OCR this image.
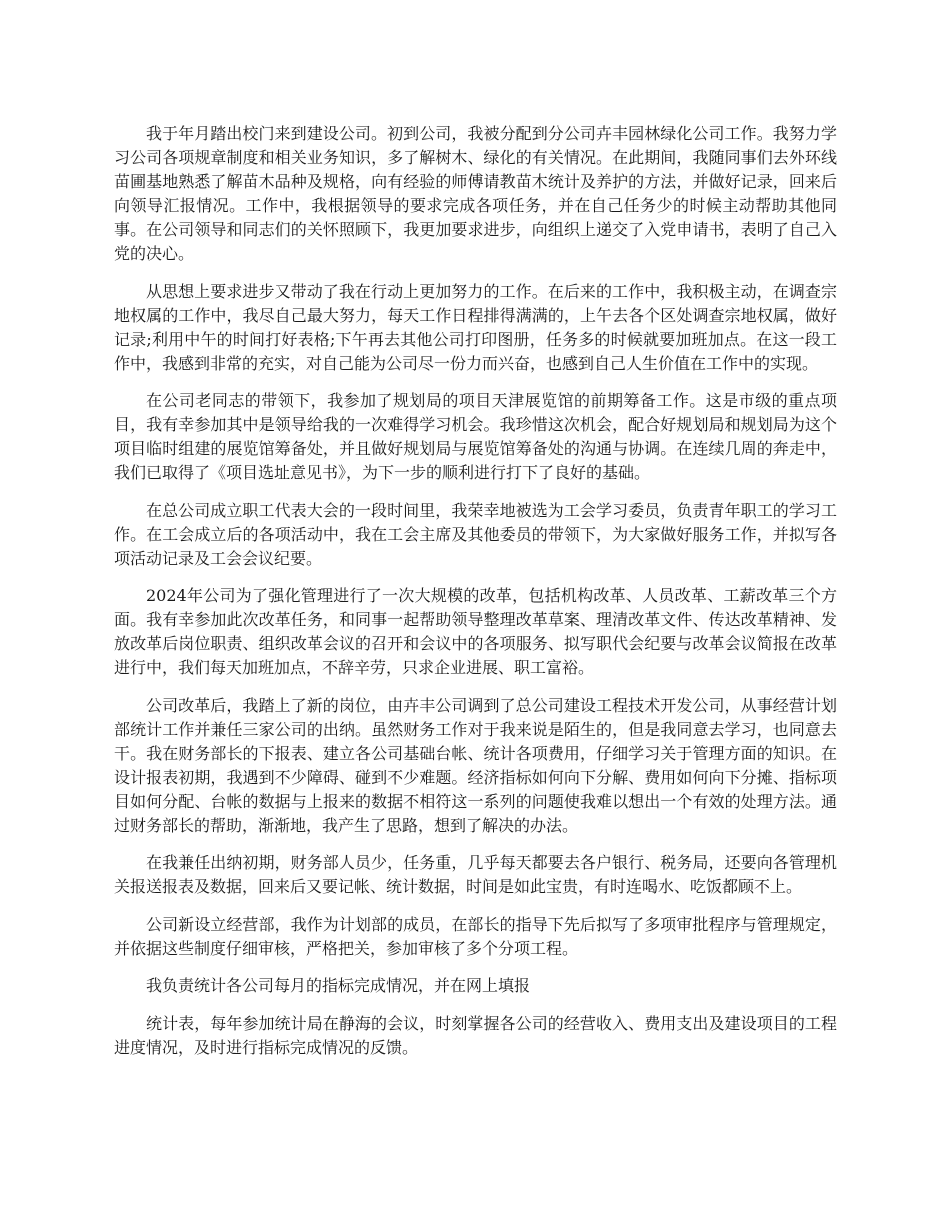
我于年月踏出校门来到建设公司。初到公司，我被分配到分公司卉丰园林绿化公司工作。我努力学习公司各项规章制度和相关业务知识，多了解树木、绿化的有关情况。在此期间，我随同事们去外环线苗圃基地熟悉了解苗木品种及规格，向有经验的师傅请教苗木统计及养护的方法，并做好记录，回来后向领导汇报情况。工作中，我根据领导的要求完成各项任务，并在自己任务少的时候主动帮助其他同事。在公司领导和同志们的关怀照顾下，我更加要求进步，向组织上递交了入党申请书，表明了自己入党的决心。

从思想上要求进步又带动了我在行动上更加努力的工作。在后来的工作中，我积极主动，在调查宗地权属的工作中，我尽自己最大努力，每天工作日程排得满满的，上午去各个区处调查宗地权属，做好记录;利用中午的时间打好表格;下午再去其他公司打印图册，任务多的时候就要加班加点。在这一段工作中，我感到非常的充实，对自己能为公司尽一份力而兴奋，也感到自己人生价值在工作中的实现。

在公司老同志的带领下，我参加了规划局的项目天津展览馆的前期筹备工作。这是市级的重点项目，我有幸参加其中是领导给我的一次难得学习机会。我珍惜这次机会，配合好规划局和规划局为这个项目临时组建的展览馆筹备处，并且做好规划局与展览馆筹备处的沟通与协调。在连续几周的奔走中，我们已取得了《项目选址意见书》，为下一步的顺利进行打下了良好的基础。

在总公司成立职工代表大会的一段时间里，我荣幸地被选为工会学习委员，负责青年职工的学习工作。在工会成立后的各项活动中，我在工会主席及其他委员的带领下，为大家做好服务工作，并拟写各项活动记录及工会会议纪要。

2024年公司为了强化管理进行了一次大规模的改革，包括机构改革、人员改革、工薪改革三个方面。我有幸参加此次改革任务，和同事一起帮助领导整理改革草案、理清改革文件、传达改革精神、发放改革后岗位职责、组织改革会议的召开和会议中的各项服务、拟写职代会纪要与改革会议简报在改革进行中，我们每天加班加点，不辞辛劳，只求企业进展、职工富裕。

公司改革后，我踏上了新的岗位，由卉丰公司调到了总公司建设工程技术开发公司，从事经营计划部统计工作并兼任三家公司的出纳。虽然财务工作对于我来说是陌生的，但是我同意去学习，也同意去干。我在财务部长的下报表、建立各公司基础台帐、统计各项费用，仔细学习关于管理方面的知识。在设计报表初期，我遇到不少障碍、碰到不少难题。经济指标如何向下分解、费用如何向下分摊、指标项目如何分配、台帐的数据与上报来的数据不相符这一系列的问题使我难以想出一个有效的处理方法。通过财务部长的帮助，渐渐地，我产生了思路，想到了解决的办法。

在我兼任出纳初期，财务部人员少，任务重，几乎每天都要去各户银行、税务局，还要向各管理机关报送报表及数据，回来后又要记帐、统计数据，时间是如此宝贵，有时连喝水、吃饭都顾不上。

公司新设立经营部，我作为计划部的成员，在部长的指导下先后拟写了多项审批程序与管理规定，并依据这些制度仔细审核，严格把关，参加审核了多个分项工程。

我负责统计各公司每月的指标完成情况，并在网上填报

统计表，每年参加统计局在静海的会议，时刻掌握各公司的经营收入、费用支出及建设项目的工程进度情况，及时进行指标完成情况的反馈。
